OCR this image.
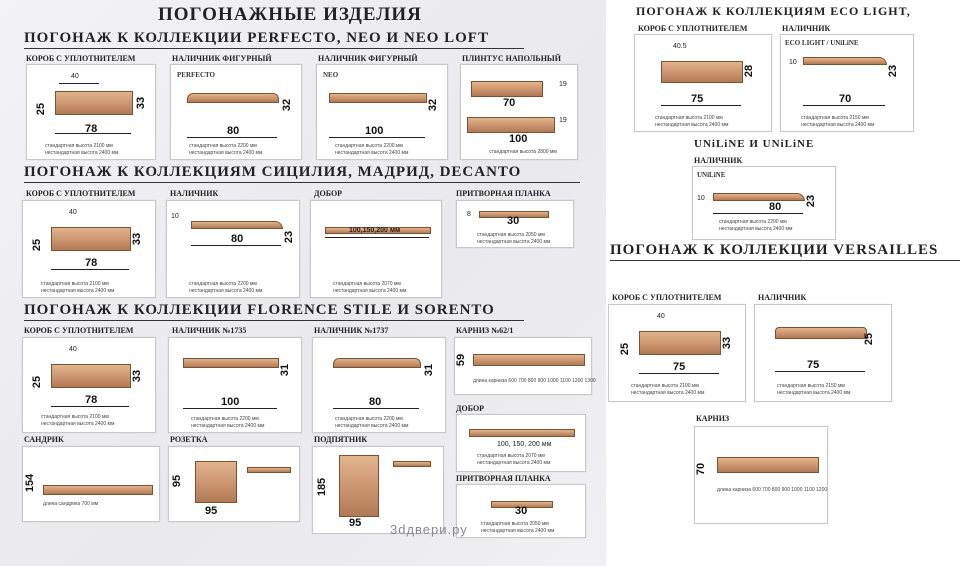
ПОГОНАЖНЫЕ ИЗДЕЛИЯ
ПОГОНАЖ К КОЛЛЕКЦИИ PERFECTO, NEO И NEO LOFT
КОРОБ С УПЛОТНИТЕЛЕМ
40
25	33
78
стандартная высота 2100 мм
нестандартная высота 2400 мм
НАЛИЧНИК ФИГУРНЫЙ
PERFECTO
32
80
стандартная высота 2200 мм
нестандартная высота 2400 мм
НАЛИЧНИК ФИГУРНЫЙ
NEO
32
100
стандартная высота 2200 мм
нестандартная высота 2400 мм
ПЛИНТУС НАПОЛЬНЫЙ
19
70
19
100
стандартная высота 2800 мм
ПОГОНАЖ К КОЛЛЕКЦИЯМ СИЦИЛИЯ, МАДРИД, DECANTO
КОРОБ С УПЛОТНИТЕЛЕМ
40
25	33
78
стандартная высота 2100 мм
нестандартная высота 2400 мм
НАЛИЧНИК
10
23
80
стандартная высота 2200 мм
нестандартная высота 2400 мм
ДОБОР
100,150,200 мм
стандартная высота 2070 мм
нестандартная высота 2400 мм
ПРИТВОРНАЯ ПЛАНКА
8
30
стандартная высота 2050 мм
нестандартная высота 2400 мм
ПОГОНАЖ К КОЛЛЕКЦИИ FLORENCE STILE И SORENTO
КОРОБ С УПЛОТНИТЕЛЕМ
40
25	33
78
стандартная высота 2100 мм
нестандартная высота 2400 мм
НАЛИЧНИК №1735
31
100
стандартная высота 2200 мм
нестандартная высота 2400 мм
НАЛИЧНИК №1737
31
80
стандартная высота 2200 мм
нестандартная высота 2400 мм
КАРНИЗ №62/1
59
длина карниза 600 700 800 900 1000 1100 1200 1300
ДОБОР
100, 150, 200 мм
стандартная высота 2070 мм
нестандартная высота 2400 мм
ПРИТВОРНАЯ ПЛАНКА
30
стандартная высота 2050 мм
нестандартная высота 2400 мм
САНДРИК
154
длина сандрика 700 мм
РОЗЕТКА
95
95
ПОДПЯТНИК
185
95
ПОГОНАЖ К КОЛЛЕКЦИЯМ ECO LIGHT,
КОРОБ С УПЛОТНИТЕЛЕМ
40.5
28
75
стандартная высота 2100 мм
нестандартная высота 2400 мм
НАЛИЧНИК
ECO LIGHT / UNiLiNE
10
23
70
стандартная высота 2150 мм
нестандартная высота 2400 мм
UNiLiNE И UNiLiNE
НАЛИЧНИК
UNiLiNE
10	23
80
стандартная высота 2200 мм
нестандартная высота 2400 мм
ПОГОНАЖ К КОЛЛЕКЦИИ VERSAILLES
КОРОБ С УПЛОТНИТЕЛЕМ
40
25	33
75
стандартная высота 2100 мм
нестандартная высота 2400 мм
НАЛИЧНИК
25
75
стандартная высота 2150 мм
нестандартная высота 2400 мм
КАРНИЗ
70
длина карниза 600 700 800 900 1000 1100 1200
3dдвери.ру
